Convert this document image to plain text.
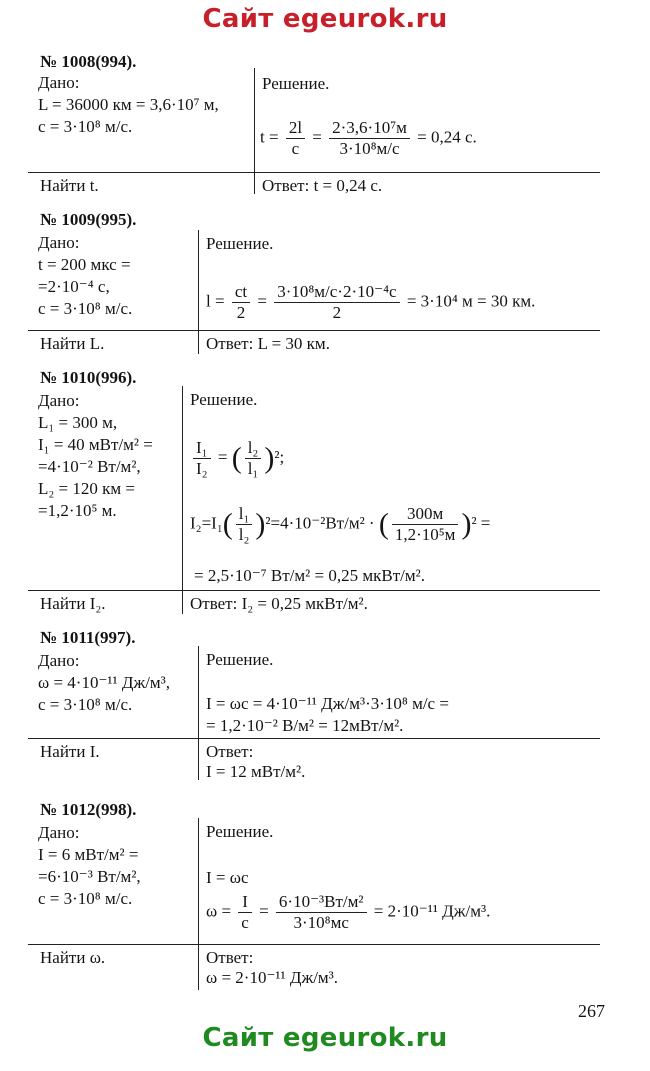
Сайт egeurok.ru
№ 1008(994).
Дано:
L = 36000 км = 3,6·10⁷ м,
c = 3·10⁸ м/с.
Решение.
$t = \frac{2l}{c} = \frac{\text{2·3,6·10⁷м}}{\text{3·10⁸м/с}} = 0,24$ с.
Найти t.	Ответ: t = 0,24 с.
№ 1009(995).
Дано:
t = 200 мкс =
=2·10⁻⁴ с,
c = 3·10⁸ м/с.
Решение.
$l = \frac{ct}{2} = \frac{\text{3·10⁸м/с·2·10⁻⁴с}}{2} = 3\cdot 10^4$ м = 30 км.
Найти L.	Ответ: L = 30 км.
№ 1010(996).
Дано:
L₁ = 300 м,
I₁ = 40 мВт/м² =
=4·10⁻² Вт/м²,
L₂ = 120 км =
=1,2·10⁵ м.
Решение.
$\frac{\text{I₁}}{\text{I₂}}$ = ( $\frac{\text{l₂}}{\text{l₁}} )^2$;
$I_2=I_1( \frac{\text{l₁}}{\text{l₂}} )^2=4\cdot 10^{-2}Вт/м^2$ · ( $\frac{300м}{\text{1,2·10⁵м}} )^2$ =
= 2,5·10⁻⁷ Вт/м² = 0,25 мкВт/м².
Найти I₂.	Ответ: I₂ = 0,25 мкВт/м².
№ 1011(997).
Дано:
ω = 4·10⁻¹¹ Дж/м³,
c = 3·10⁸ м/с.
Решение.
I = ωc = 4·10⁻¹¹ Дж/м³·3·10⁸ м/с =
= 1,2·10⁻² В/м² = 12мВт/м².
Найти I.	Ответ:
I = 12 мВт/м².
№ 1012(998).
Дано:
I = 6 мВт/м² =
=6·10⁻³ Вт/м²,
c = 3·10⁸ м/с.
Решение.
I = ωc
$\omega = \frac{I}{c} = \frac{\text{6·10⁻³Вт/м²}}{\text{3·10⁸мс}} = 2\cdot 10^{-11}$ Дж/м³.
Найти ω.	Ответ:
ω = 2·10⁻¹¹ Дж/м³.
267
Сайт egeurok.ru
